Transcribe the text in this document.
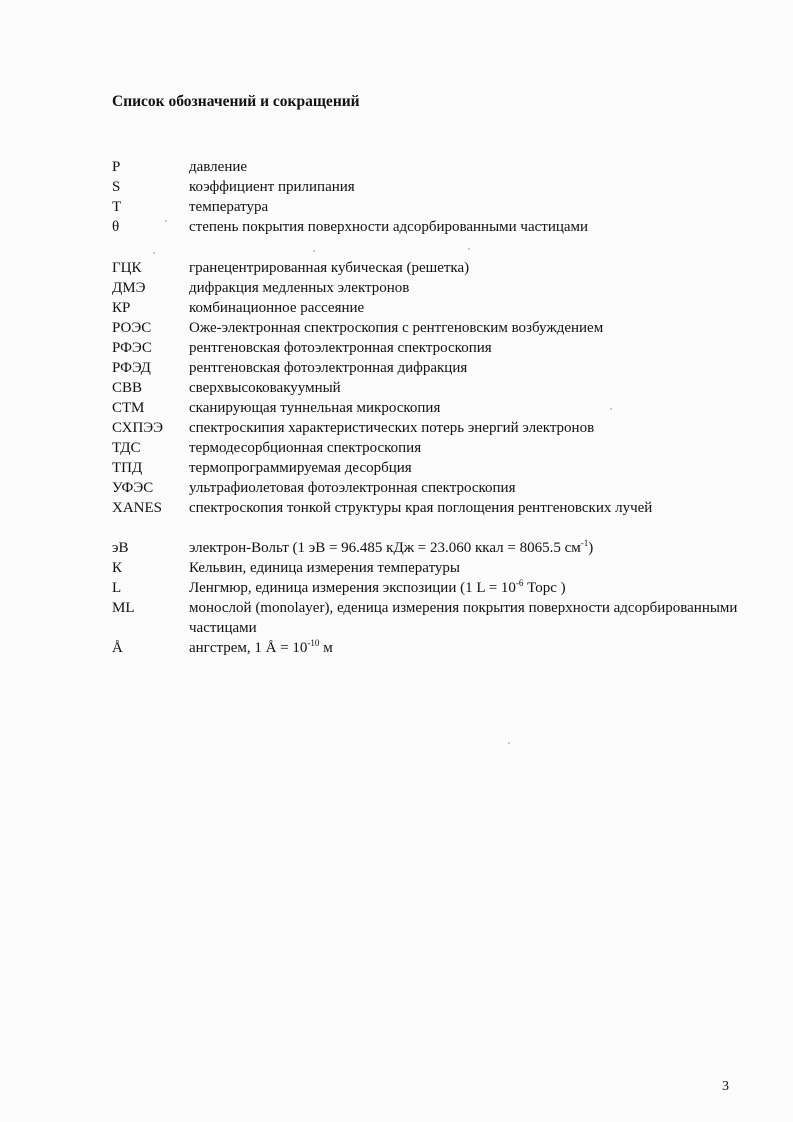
Список обозначений и сокращений
P	давление
S	коэффициент прилипания
T	температура
θ	степень покрытия поверхности адсорбированными частицами
ГЦК	гранецентрированная кубическая (решетка)
ДМЭ	дифракция медленных электронов
КР	комбинационное рассеяние
РОЭС	Оже-электронная спектроскопия с рентгеновским возбуждением
РФЭС	рентгеновская фотоэлектронная спектроскопия
РФЭД	рентгеновская фотоэлектронная дифракция
СВВ	сверхвысоковакуумный
СТМ	сканирующая туннельная микроскопия
СХПЭЭ	спектроскипия характеристических потерь энергий электронов
ТДС	термодесорбционная спектроскопия
ТПД	термопрограммируемая десорбция
УФЭС	ультрафиолетовая фотоэлектронная спектроскопия
XANES	спектроскопия тонкой структуры края поглощения рентгеновских лучей
эВ	электрон-Вольт (1 эВ = 96.485 кДж = 23.060 ккал = 8065.5 $см^{-1}$)
К	Кельвин, единица измерения температуры
L	Ленгмюр, единица измерения экспозиции (1 $L = 10^{-6}$ Торс )
ML	монослой (monolayer), еденица измерения покрытия поверхности адсорбированными частицами
Å	ангстрем, 1 Å = $10^{-10}$ м
3
